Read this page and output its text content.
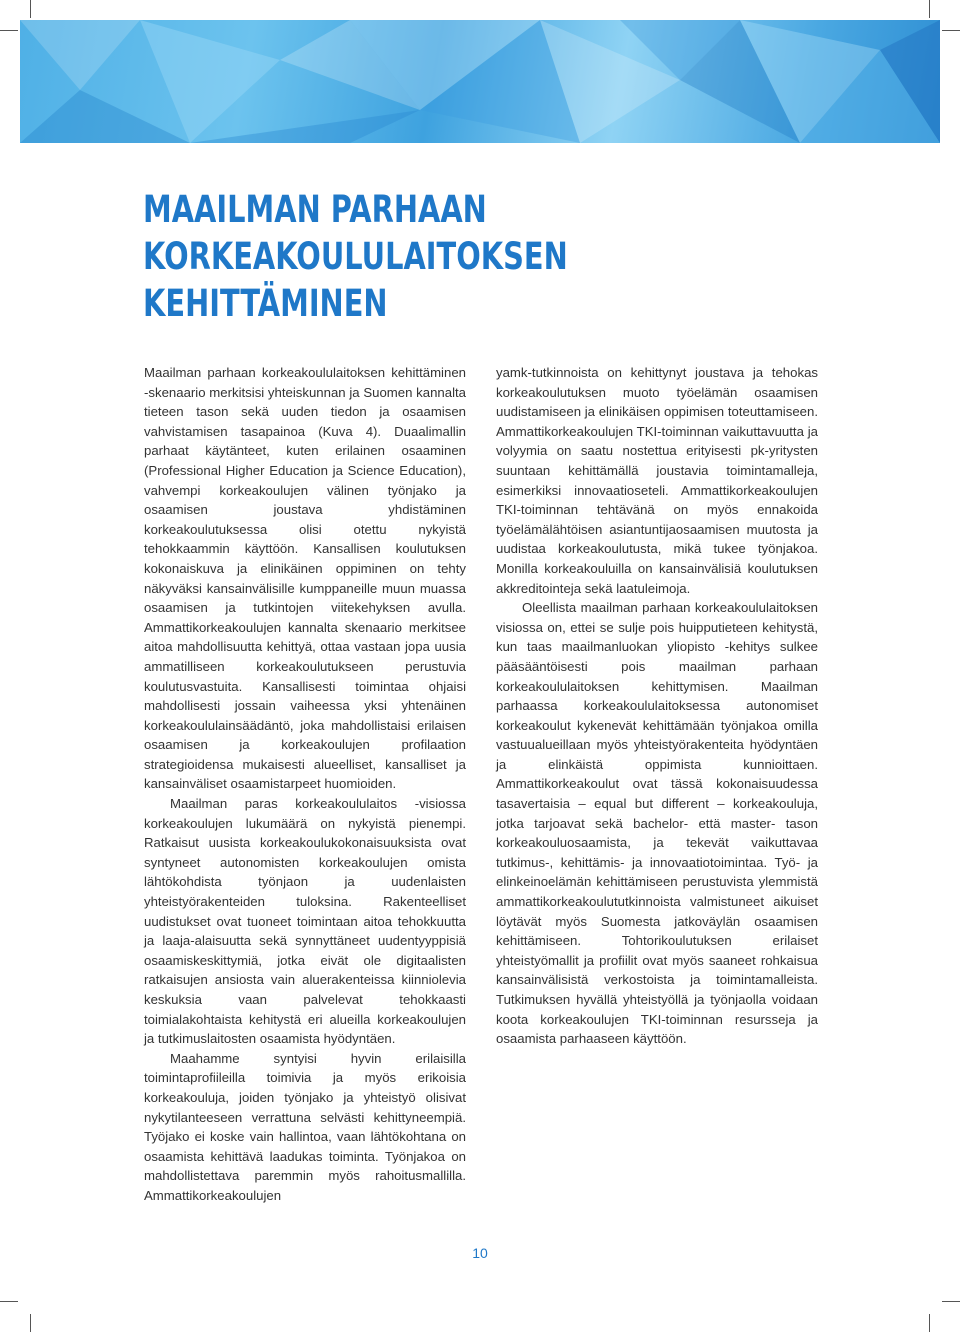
MAAILMAN PARHAAN
KORKEAKOULULAITOKSEN
KEHITTÄMINEN

Maailman parhaan korkeakoululaitoksen kehittäminen -skenaario merkitsisi yhteiskunnan ja Suomen kannalta tieteen tason sekä uuden tiedon ja osaamisen vahvistamisen tasapainoa (Kuva 4). Duaalimallin parhaat käytänteet, kuten erilainen osaaminen (Professional Higher Education ja Science Education), vahvempi korkeakoulujen välinen työnjako ja osaamisen joustava yhdistäminen korkeakoulutuksessa olisi otettu nykyistä tehokkaammin käyttöön. Kansallisen koulutuksen kokonaiskuva ja elinikäinen oppiminen on tehty näkyväksi kansainvälisille kumppaneille muun muassa osaamisen ja tutkintojen viitekehyksen avulla. Ammattikorkeakoulujen kannalta skenaario merkitsee aitoa mahdollisuutta kehittyä, ottaa vastaan jopa uusia ammatilliseen korkeakoulutukseen perustuvia koulutusvastuita. Kansallisesti toimintaa ohjaisi mahdollisesti jossain vaiheessa yksi yhtenäinen korkeakoululainsäädäntö, joka mahdollistaisi erilaisen osaamisen ja korkeakoulujen profilaation strategioidensa mukaisesti alueelliset, kansalliset ja kansainväliset osaamistarpeet huomioiden.

Maailman paras korkeakoululaitos -visiossa korkeakoulujen lukumäärä on nykyistä pienempi. Ratkaisut uusista korkeakoulukokonaisuuksista ovat syntyneet autonomisten korkeakoulujen omista lähtökohdista työnjaon ja uudenlaisten yhteistyörakenteiden tuloksina. Rakenteelliset uudistukset ovat tuoneet toimintaan aitoa tehokkuutta ja laaja-alaisuutta sekä synnyttäneet uudentyyppisiä osaamiskeskittymiä, jotka eivät ole digitaalisten ratkaisujen ansiosta vain aluerakenteissa kiinniolevia keskuksia vaan palvelevat tehokkaasti toimialakohtaista kehitystä eri alueilla korkeakoulujen ja tutkimuslaitosten osaamista hyödyntäen.

Maahamme syntyisi hyvin erilaisilla toimintaprofiileilla toimivia ja myös erikoisia korkeakouluja, joiden työnjako ja yhteistyö olisivat nykytilanteeseen verrattuna selvästi kehittyneempiä. Työjako ei koske vain hallintoa, vaan lähtökohtana on osaamista kehittävä laadukas toiminta. Työnjakoa on mahdollistettava paremmin myös rahoitusmallilla. Ammattikorkeakoulujen

yamk-tutkinnoista on kehittynyt joustava ja tehokas korkeakoulutuksen muoto työelämän osaamisen uudistamiseen ja elinikäisen oppimisen toteuttamiseen. Ammattikorkeakoulujen TKI-toiminnan vaikuttavuutta ja volyymia on saatu nostettua erityisesti pk-yritysten suuntaan kehittämällä joustavia toimintamalleja, esimerkiksi innovaatioseteli. Ammattikorkeakoulujen TKI-toiminnan tehtävänä on myös ennakoida työelämälähtöisen asiantuntijaosaamisen muutosta ja uudistaa korkeakoulutusta, mikä tukee työnjakoa. Monilla korkeakouluilla on kansainvälisiä koulutuksen akkreditointeja sekä laatuleimoja.

Oleellista maailman parhaan korkeakoululaitoksen visiossa on, ettei se sulje pois huipputieteen kehitystä, kun taas maailmanluokan yliopisto -kehitys sulkee pääsääntöisesti pois maailman parhaan korkeakoululaitoksen kehittymisen. Maailman parhaassa korkeakoululaitoksessa autonomiset korkeakoulut kykenevät kehittämään työnjakoa omilla vastuualueillaan myös yhteistyörakenteita hyödyntäen ja elinkäistä oppimista kunnioittaen. Ammattikorkeakoulut ovat tässä kokonaisuudessa tasavertaisia – equal but different – korkeakouluja, jotka tarjoavat sekä bachelor- että master- tason korkeakouluosaamista, ja tekevät vaikuttavaa tutkimus-, kehittämis- ja innovaatiotoimintaa. Työ- ja elinkeinoelämän kehittämiseen perustuvista ylemmistä ammattikorkeakoulututkinnoista valmistuneet aikuiset löytävät myös Suomesta jatkoväylän osaamisen kehittämiseen. Tohtorikoulutuksen erilaiset yhteistyömallit ja profiilit ovat myös saaneet rohkaisua kansainvälisistä verkostoista ja toimintamalleista. Tutkimuksen hyvällä yhteistyöllä ja työnjaolla voidaan koota korkeakoulujen TKI-toiminnan resursseja ja osaamista parhaaseen käyttöön.

10
